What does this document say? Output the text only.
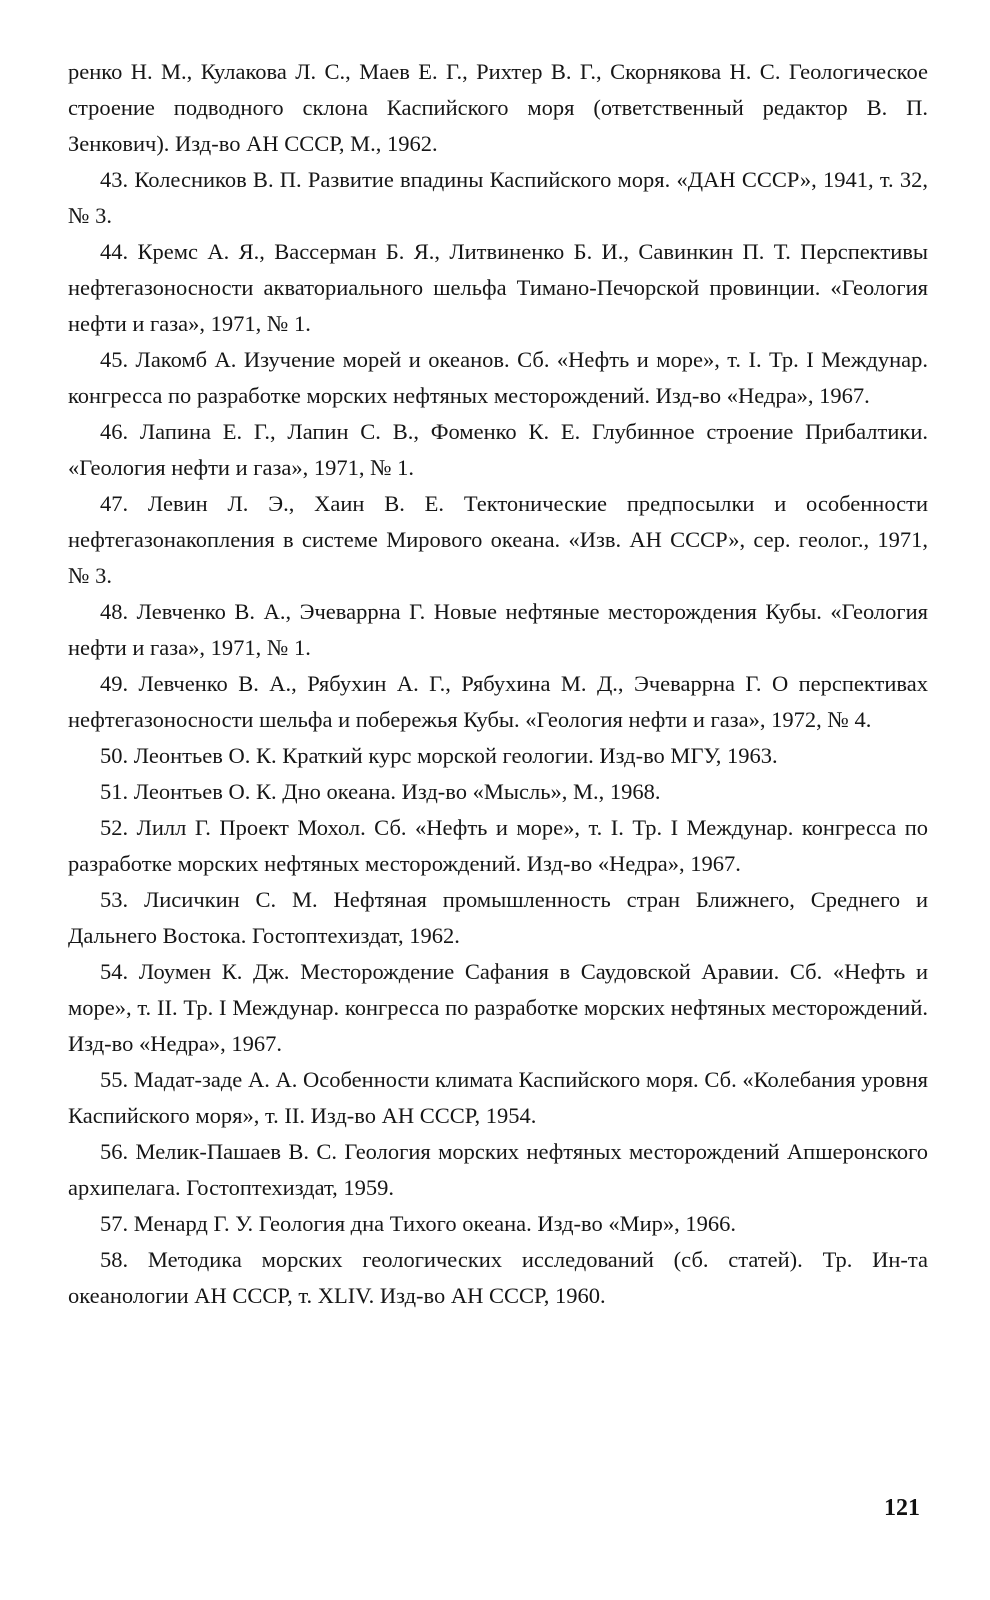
ренко Н. М., Кулакова Л. С., Маев Е. Г., Рихтер В. Г., Скорнякова Н. С. Геологическое строение подводного склона Каспийского моря (ответственный редактор В. П. Зенкович). Изд-во АН СССР, М., 1962.

43. Колесников В. П. Развитие впадины Каспийского моря. «ДАН СССР», 1941, т. 32, № 3.

44. Кремс А. Я., Вассерман Б. Я., Литвиненко Б. И., Савинкин П. Т. Перспективы нефтегазоносности акваториального шельфа Тимано-Печорской провинции. «Геология нефти и газа», 1971, № 1.

45. Лакомб А. Изучение морей и океанов. Сб. «Нефть и море», т. I. Тр. I Междунар. конгресса по разработке морских нефтяных месторождений. Изд-во «Недра», 1967.

46. Лапина Е. Г., Лапин С. В., Фоменко К. Е. Глубинное строение Прибалтики. «Геология нефти и газа», 1971, № 1.

47. Левин Л. Э., Хаин В. Е. Тектонические предпосылки и особенности нефтегазонакопления в системе Мирового океана. «Изв. АН СССР», сер. геолог., 1971, № 3.

48. Левченко В. А., Эчеваррна Г. Новые нефтяные месторождения Кубы. «Геология нефти и газа», 1971, № 1.

49. Левченко В. А., Рябухин А. Г., Рябухина М. Д., Эчеваррна Г. О перспективах нефтегазоносности шельфа и побережья Кубы. «Геология нефти и газа», 1972, № 4.

50. Леонтьев О. К. Краткий курс морской геологии. Изд-во МГУ, 1963.

51. Леонтьев О. К. Дно океана. Изд-во «Мысль», М., 1968.

52. Лилл Г. Проект Мохол. Сб. «Нефть и море», т. I. Тр. I Междунар. конгресса по разработке морских нефтяных месторождений. Изд-во «Недра», 1967.

53. Лисичкин С. М. Нефтяная промышленность стран Ближнего, Среднего и Дальнего Востока. Гостоптехиздат, 1962.

54. Лоумен К. Дж. Месторождение Сафания в Саудовской Аравии. Сб. «Нефть и море», т. II. Тр. I Междунар. конгресса по разработке морских нефтяных месторождений. Изд-во «Недра», 1967.

55. Мадат-заде А. А. Особенности климата Каспийского моря. Сб. «Колебания уровня Каспийского моря», т. II. Изд-во АН СССР, 1954.

56. Мелик-Пашаев В. С. Геология морских нефтяных месторождений Апшеронского архипелага. Гостоптехиздат, 1959.

57. Менард Г. У. Геология дна Тихого океана. Изд-во «Мир», 1966.

58. Методика морских геологических исследований (сб. статей). Тр. Ин-та океанологии АН СССР, т. XLIV. Изд-во АН СССР, 1960.

121
